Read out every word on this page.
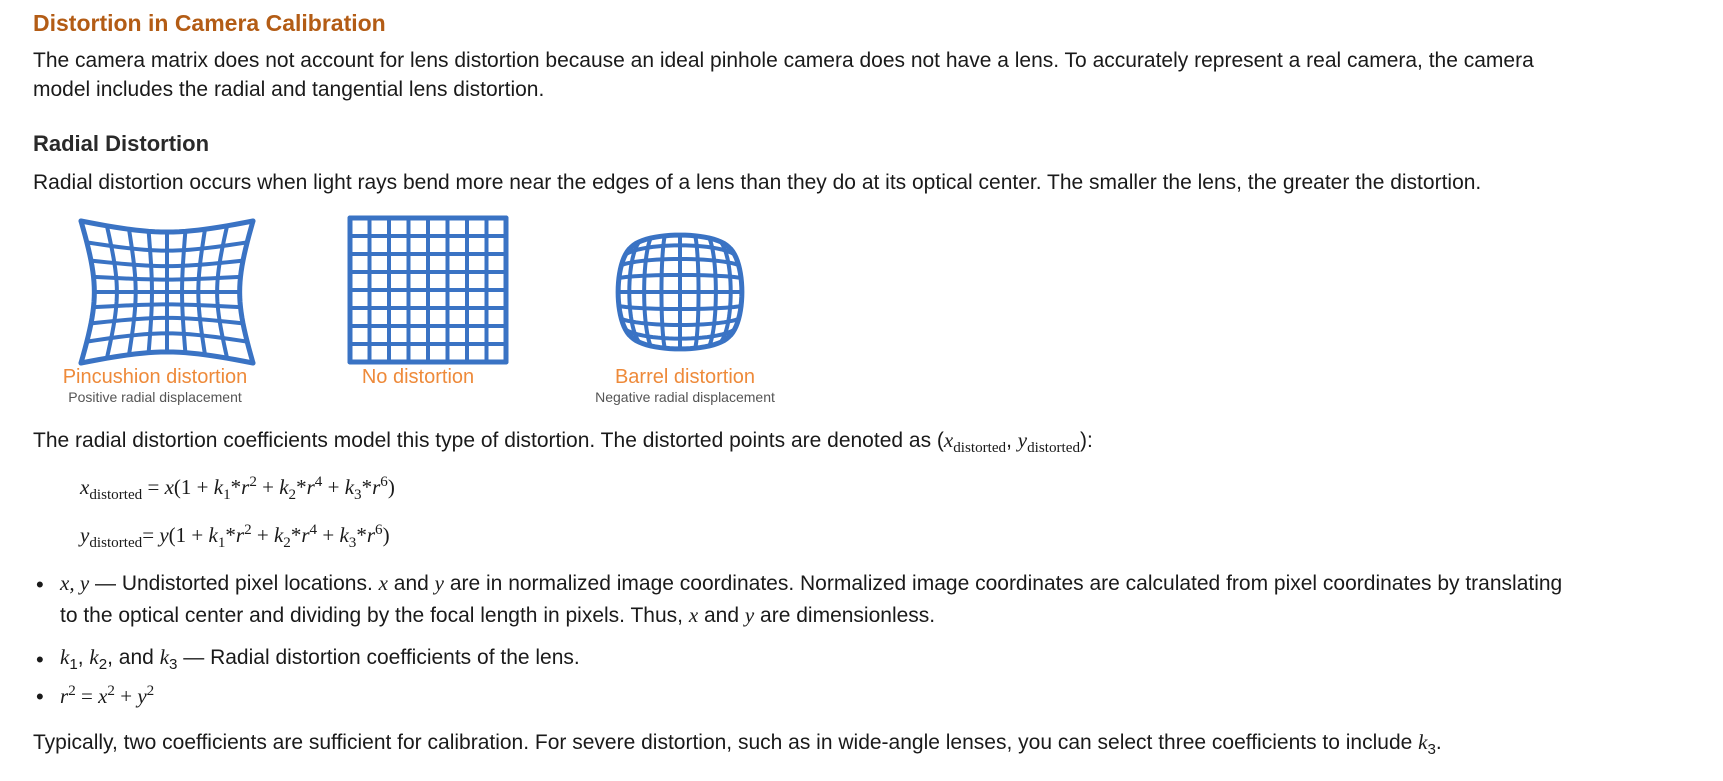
Distortion in Camera Calibration
The camera matrix does not account for lens distortion because an ideal pinhole camera does not have a lens. To accurately represent a real camera, the camera
model includes the radial and tangential lens distortion.
Radial Distortion
Radial distortion occurs when light rays bend more near the edges of a lens than they do at its optical center. The smaller the lens, the greater the distortion.
Pincushion distortion
Positive radial displacement
No distortion	Barrel distortion
Negative radial displacement
The radial distortion coefficients model this type of distortion. The distorted points are denoted as ($x_{distorted}$, $y_{distorted}$):
$x_{distorted} = x(1 + k_1*r^2 + k_2*r^4 + k_3*r^6)$
$y_{distorted}= y(1 + k_1*r^2 + k_2*r^4 + k_3*r^6)$
• x, y — Undistorted pixel locations. x and y are in normalized image coordinates. Normalized image coordinates are calculated from pixel coordinates by translating
to the optical center and dividing by the focal length in pixels. Thus, x and y are dimensionless.
• $k_1$, $k_2$, and $k_3$ — Radial distortion coefficients of the lens.
• $r^2 = x^2 + y^2$
Typically, two coefficients are sufficient for calibration. For severe distortion, such as in wide-angle lenses, you can select three coefficients to include $k_3$.
